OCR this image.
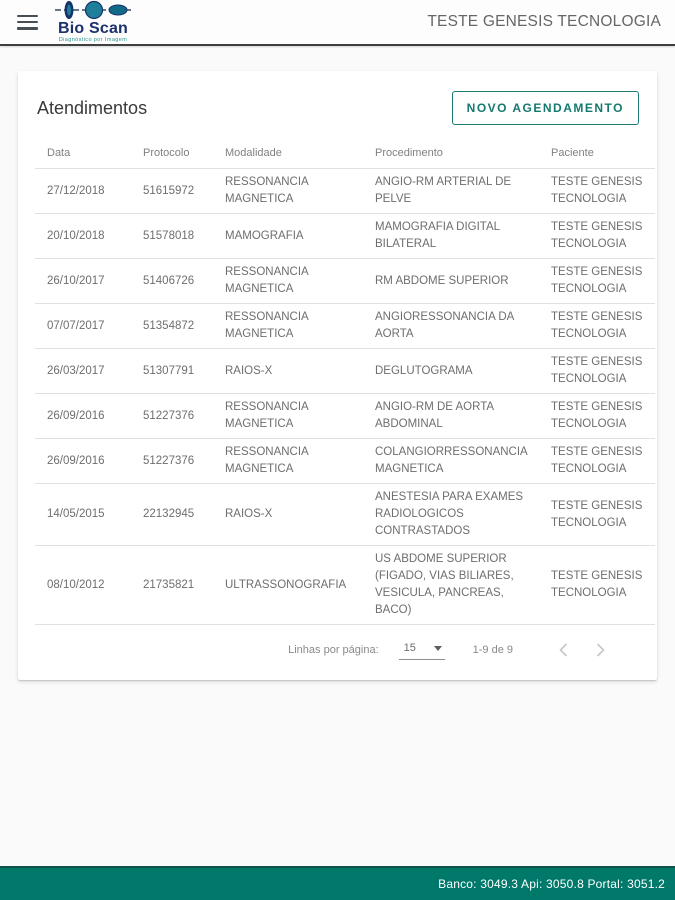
Bio Scan
Diagnóstico por Imagem
TESTE GENESIS TECNOLOGIA
Atendimentos	NOVO AGENDAMENTO
Data	Protocolo	Modalidade	Procedimento	Paciente
27/12/2018	51615972	RESSONANCIA MAGNETICA	ANGIO-RM ARTERIAL DE PELVE	TESTE GENESIS TECNOLOGIA
20/10/2018	51578018	MAMOGRAFIA	MAMOGRAFIA DIGITAL BILATERAL	TESTE GENESIS TECNOLOGIA
26/10/2017	51406726	RESSONANCIA MAGNETICA	RM ABDOME SUPERIOR	TESTE GENESIS TECNOLOGIA
07/07/2017	51354872	RESSONANCIA MAGNETICA	ANGIORESSONANCIA DA AORTA	TESTE GENESIS TECNOLOGIA
26/03/2017	51307791	RAIOS-X	DEGLUTOGRAMA	TESTE GENESIS TECNOLOGIA
26/09/2016	51227376	RESSONANCIA MAGNETICA	ANGIO-RM DE AORTA ABDOMINAL	TESTE GENESIS TECNOLOGIA
26/09/2016	51227376	RESSONANCIA MAGNETICA	COLANGIORRESSONANCIA MAGNETICA	TESTE GENESIS TECNOLOGIA
14/05/2015	22132945	RAIOS-X	ANESTESIA PARA EXAMES RADIOLOGICOS CONTRASTADOS	TESTE GENESIS TECNOLOGIA
08/10/2012	21735821	ULTRASSONOGRAFIA	US ABDOME SUPERIOR (FIGADO, VIAS BILIARES, VESICULA, PANCREAS, BACO)	TESTE GENESIS TECNOLOGIA
Linhas por página: 15	1-9 de 9
Banco: 3049.3 Api: 3050.8 Portal: 3051.2
